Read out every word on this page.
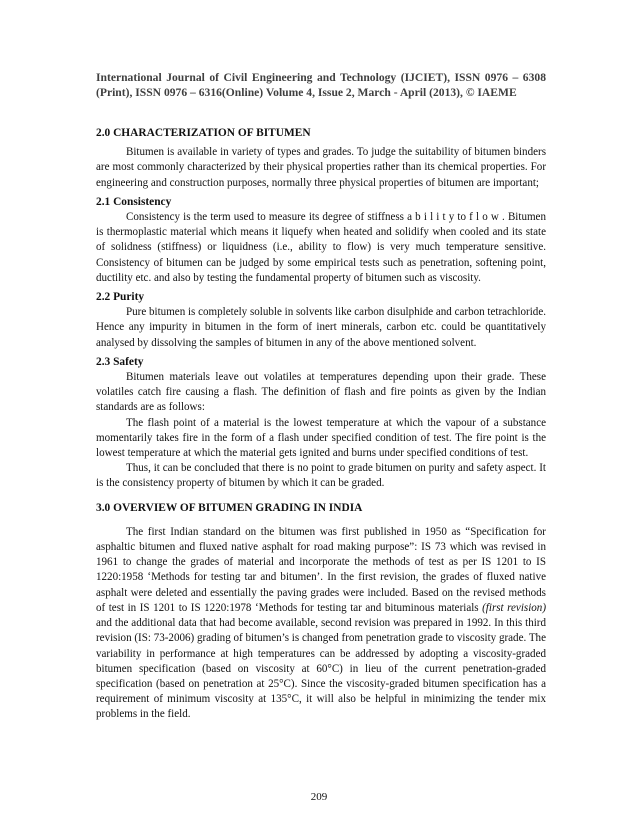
International Journal of Civil Engineering and Technology (IJCIET), ISSN 0976 – 6308
(Print), ISSN 0976 – 6316(Online) Volume 4, Issue 2, March - April (2013), © IAEME
2.0 CHARACTERIZATION OF BITUMEN

Bitumen is available in variety of types and grades. To judge the suitability of bitumen binders are most commonly characterized by their physical properties rather than its chemical properties. For engineering and construction purposes, normally three physical properties of bitumen are important;

2.1 Consistency

Consistency is the term used to measure its degree of stiffness a b i l i t y to f l o w . Bitumen is thermoplastic material which means it liquefy when heated and solidify when cooled and its state of solidness (stiffness) or liquidness (i.e., ability to flow) is very much temperature sensitive. Consistency of bitumen can be judged by some empirical tests such as penetration, softening point, ductility etc. and also by testing the fundamental property of bitumen such as viscosity.

2.2 Purity

Pure bitumen is completely soluble in solvents like carbon disulphide and carbon tetrachloride. Hence any impurity in bitumen in the form of inert minerals, carbon etc. could be quantitatively analysed by dissolving the samples of bitumen in any of the above mentioned solvent.

2.3 Safety

Bitumen materials leave out volatiles at temperatures depending upon their grade. These volatiles catch fire causing a flash. The definition of flash and fire points as given by the Indian standards are as follows:

The flash point of a material is the lowest temperature at which the vapour of a substance momentarily takes fire in the form of a flash under specified condition of test. The fire point is the lowest temperature at which the material gets ignited and burns under specified conditions of test.

Thus, it can be concluded that there is no point to grade bitumen on purity and safety aspect. It is the consistency property of bitumen by which it can be graded.

3.0 OVERVIEW OF BITUMEN GRADING IN INDIA

The first Indian standard on the bitumen was first published in 1950 as “Specification for asphaltic bitumen and fluxed native asphalt for road making purpose”: IS 73 which was revised in 1961 to change the grades of material and incorporate the methods of test as per IS 1201 to IS 1220:1958 ‘Methods for testing tar and bitumen’. In the first revision, the grades of fluxed native asphalt were deleted and essentially the paving grades were included. Based on the revised methods of test in IS 1201 to IS 1220:1978 ‘Methods for testing tar and bituminous materials (first revision) and the additional data that had become available, second revision was prepared in 1992. In this third revision (IS: 73-2006) grading of bitumen’s is changed from penetration grade to viscosity grade. The variability in performance at high temperatures can be addressed by adopting a viscosity-graded bitumen specification (based on viscosity at 60°C) in lieu of the current penetration-graded specification (based on penetration at 25°C). Since the viscosity-graded bitumen specification has a requirement of minimum viscosity at 135°C, it will also be helpful in minimizing the tender mix problems in the field.

209
